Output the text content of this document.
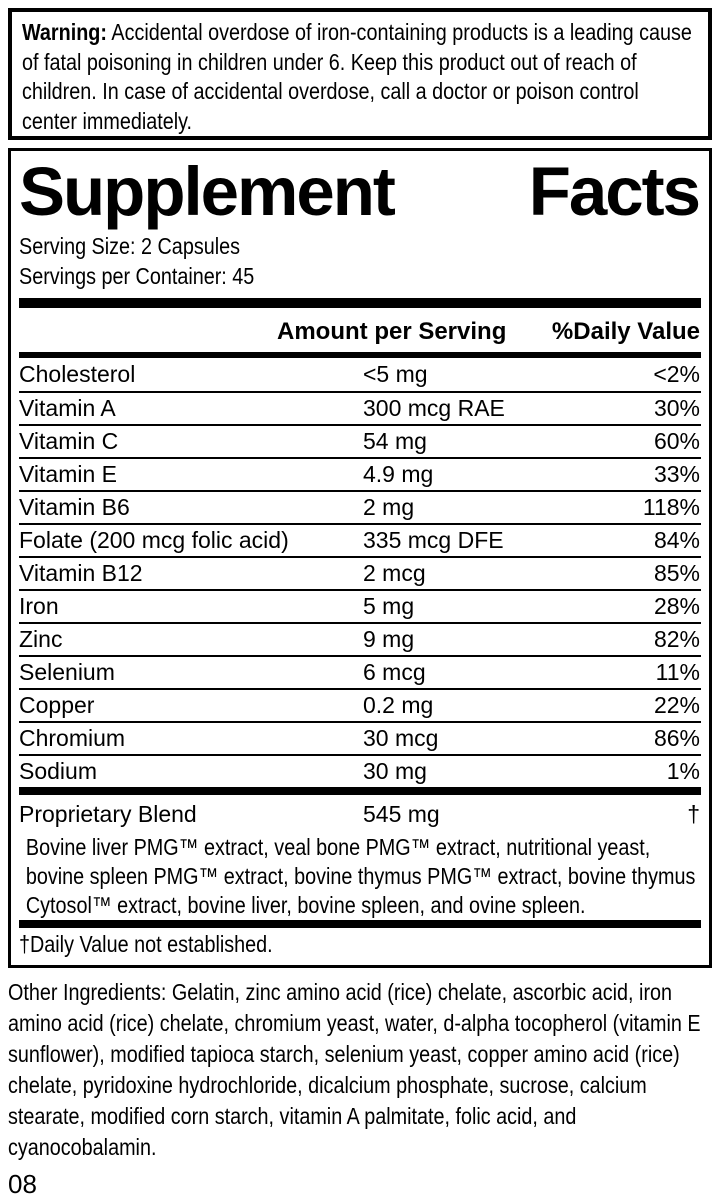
Warning: Accidental overdose of iron-containing products is a leading cause of fatal poisoning in children under 6. Keep this product out of reach of children. In case of accidental overdose, call a doctor or poison control center immediately.

Supplement Facts
Serving Size: 2 Capsules
Servings per Container: 45
Amount per Serving %Daily Value
Cholesterol	<5 mg	<2%
Vitamin A	300 mcg RAE	30%
Vitamin C	54 mg	60%
Vitamin E	4.9 mg	33%
Vitamin B6	2 mg	118%
Folate (200 mcg folic acid)	335 mcg DFE	84%
Vitamin B12	2 mcg	85%
Iron	5 mg	28%
Zinc	9 mg	82%
Selenium	6 mcg	11%
Copper	0.2 mg	22%
Chromium	30 mcg	86%
Sodium	30 mg	1%
Proprietary Blend	545 mg	†

Bovine liver PMG™ extract, veal bone PMG™ extract, nutritional yeast, bovine spleen PMG™ extract, bovine thymus PMG™ extract, bovine thymus Cytosol™ extract, bovine liver, bovine spleen, and ovine spleen.

†Daily Value not established.

Other Ingredients: Gelatin, zinc amino acid (rice) chelate, ascorbic acid, iron amino acid (rice) chelate, chromium yeast, water, d-alpha tocopherol (vitamin E sunflower), modified tapioca starch, selenium yeast, copper amino acid (rice) chelate, pyridoxine hydrochloride, dicalcium phosphate, sucrose, calcium stearate, modified corn starch, vitamin A palmitate, folic acid, and cyanocobalamin.

08
